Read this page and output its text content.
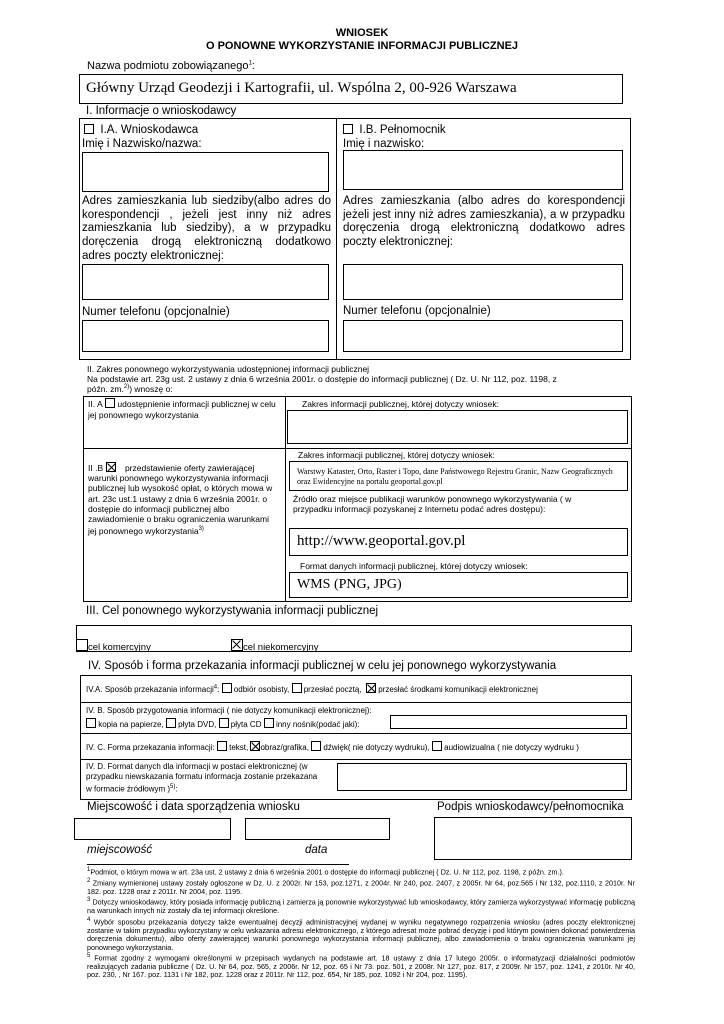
WNIOSEK
O PONOWNE WYKORZYSTANIE INFORMACJI PUBLICZNEJ
Nazwa podmiotu zobowiązanego$^1$:
Główny Urząd Geodezji i Kartografii, ul. Wspólna 2, 00-926 Warszawa
I. Informacje o wnioskodawcy
I.A. Wnioskodawca
Imię i Nazwisko/nazwa:
Adres zamieszkania lub siedziby(albo adres do korespondencji , jeżeli jest inny niż adres zamieszkania lub siedziby), a w przypadku doręczenia drogą elektroniczną dodatkowo adres poczty elektronicznej:
Numer telefonu (opcjonalnie)
I.B. Pełnomocnik
Imię i nazwisko:
Adres zamieszkania (albo adres do korespondencji jeżeli jest inny niż adres zamieszkania), a w przypadku doręczenia drogą elektroniczną dodatkowo adres poczty elektronicznej:
Numer telefonu (opcjonalnie)
II. Zakres ponownego wykorzystywania udostępnionej informacji publicznej
Na podstawie art. 23g ust. 2 ustawy z dnia 6 września 2001r. o dostępie do informacji publicznej ( Dz. U. Nr 112, poz. 1198, z
późn. zm.$^{2)}$) wnoszę o:
II. A udostępnienie informacji publicznej w celu jej ponownego wykorzystania
Zakres informacji publicznej, której dotyczy wniosek:
II .B	przedstawienie oferty zawierającej warunki ponownego wykorzystywania informacji publicznej lub wysokość opłat, o których mowa w art. 23c ust.1 ustawy z dnia 6 września 2001r. o dostępie do informacji publicznej albo zawiadomienie o braku ograniczenia warunkami jej ponownego wykorzystania$^{3)}$
Zakres informacji publicznej, której dotyczy wniosek:
Warstwy Kataster, Orto, Raster i Topo, dane Państwowego Rejestru Granic, Nazw Geograficznych oraz Ewidencyjne na portalu geoportal.gov.pl
Źródło oraz miejsce publikacji warunków ponownego wykorzystywania ( w przypadku informacji pozyskanej z Internetu podać adres dostępu):
http://www.geoportal.gov.pl
Format danych informacji publicznej, której dotyczy wniosek:
WMS (PNG, JPG)
III. Cel ponownego wykorzystywania informacji publicznej
cel komercyjny	cel niekomercyjny
IV. Sposób i forma przekazania informacji publicznej w celu jej ponownego wykorzystywania
IV.A. Sposób przekazania informacji$^4$: odbiór osobisty, przesłać pocztą, przesłać środkami komunikacji elektronicznej
IV. B. Sposób przygotowania informacji ( nie dotyczy komunikacji elektronicznej):
kopia na papierze, płyta DVD, płyta CD inny nośnik(podać jaki):
IV. C. Forma przekazania informacji: tekst, obraz/grafika, dźwięk( nie dotyczy wydruku), audiowizualna ( nie dotyczy wydruku )
IV. D. Format danych dla informacji w postaci elektronicznej (w przypadku niewskazania formatu informacja zostanie przekazana w formacie źródłowym )$^{5)}$:
Miejscowość i data sporządzenia wniosku	Podpis wnioskodawcy/pełnomocnika
miejscowość	data
$^1$Podmiot, o którym mowa w art. 23a ust. 2 ustawy z dnia 6 września 2001 o dostępie do informacji publicznej ( Dz. U. Nr 112, poz. 1198, z późn. zm.).
$^2$ Zmiany wymienionej ustawy zostały ogłoszone w Dz. U. z 2002r. Nr 153, poz.1271, z 2004r. Nr 240, poz. 2407, z 2005r. Nr 64, poz.565 i Nr 132, poz.1110, z 2010r. Nr 182. poz. 1228 oraz z 2011r. Nr 2004, poz. 1195.
$^3$ Dotyczy wnioskodawcy, który posiada informację publiczną i zamierza ją ponownie wykorzystywać lub wnioskodawcy, który zamierza wykorzystywać informację publiczną na warunkach innych niż zostały dla tej informacji określone.
$^4$ Wybór sposobu przekazania dotyczy także ewentualnej decyzji administracyjnej wydanej w wyniku negatywnego rozpatrzenia wniosku (adres poczty elektronicznej zostanie w takim przypadku wykorzystany w celu wskazania adresu elektronicznego, z którego adresat może pobrać decyzję i pod którym powinien dokonać potwierdzenia doręczenia dokumentu), albo oferty zawierającej warunki ponownego wykorzystania informacji publicznej, albo zawiadomienia o braku ograniczenia warunkami jej ponownego wykorzystania.
$^5$ Format zgodny z wymogami określonymi w przepisach wydanych na podstawie art. 18 ustawy z dnia 17 lutego 2005r. o informatyzacji działalności podmiotów realizujących zadania publiczne ( Dz. U. Nr 64, poz. 565, z 2006r. Nr 12, poz. 65 i Nr 73. poz. 501, z 2008r. Nr 127, poz. 817, z 2009r. Nr 157, poz. 1241, z 2010r. Nr 40, poz. 230, , Nr 167. poz. 1131 i Nr 182, poz. 1228 oraz z 2011r. Nr 112, poz. 654, Nr 185, poz. 1092 i Nr 204, poz. 1195).
